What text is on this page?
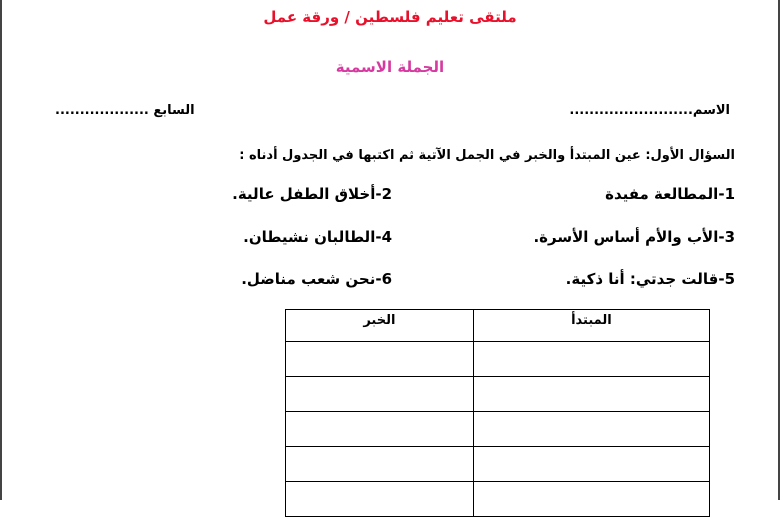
ملتقى تعليم فلسطين / ورقة عمل
الجملة الاسمية
الاسم.........................
السابع ...................
السؤال الأول: عين المبتدأ والخبر في الجمل الآتية ثم اكتبها في الجدول أدناه :
1-المطالعة مفيدة
2-أخلاق الطفل عالية.
3-الأب والأم أساس الأسرة.
4-الطالبان نشيطان.
5-قالت جدتي: أنا ذكية.
6-نحن شعب مناضل.
المبتدأ	الخبر
